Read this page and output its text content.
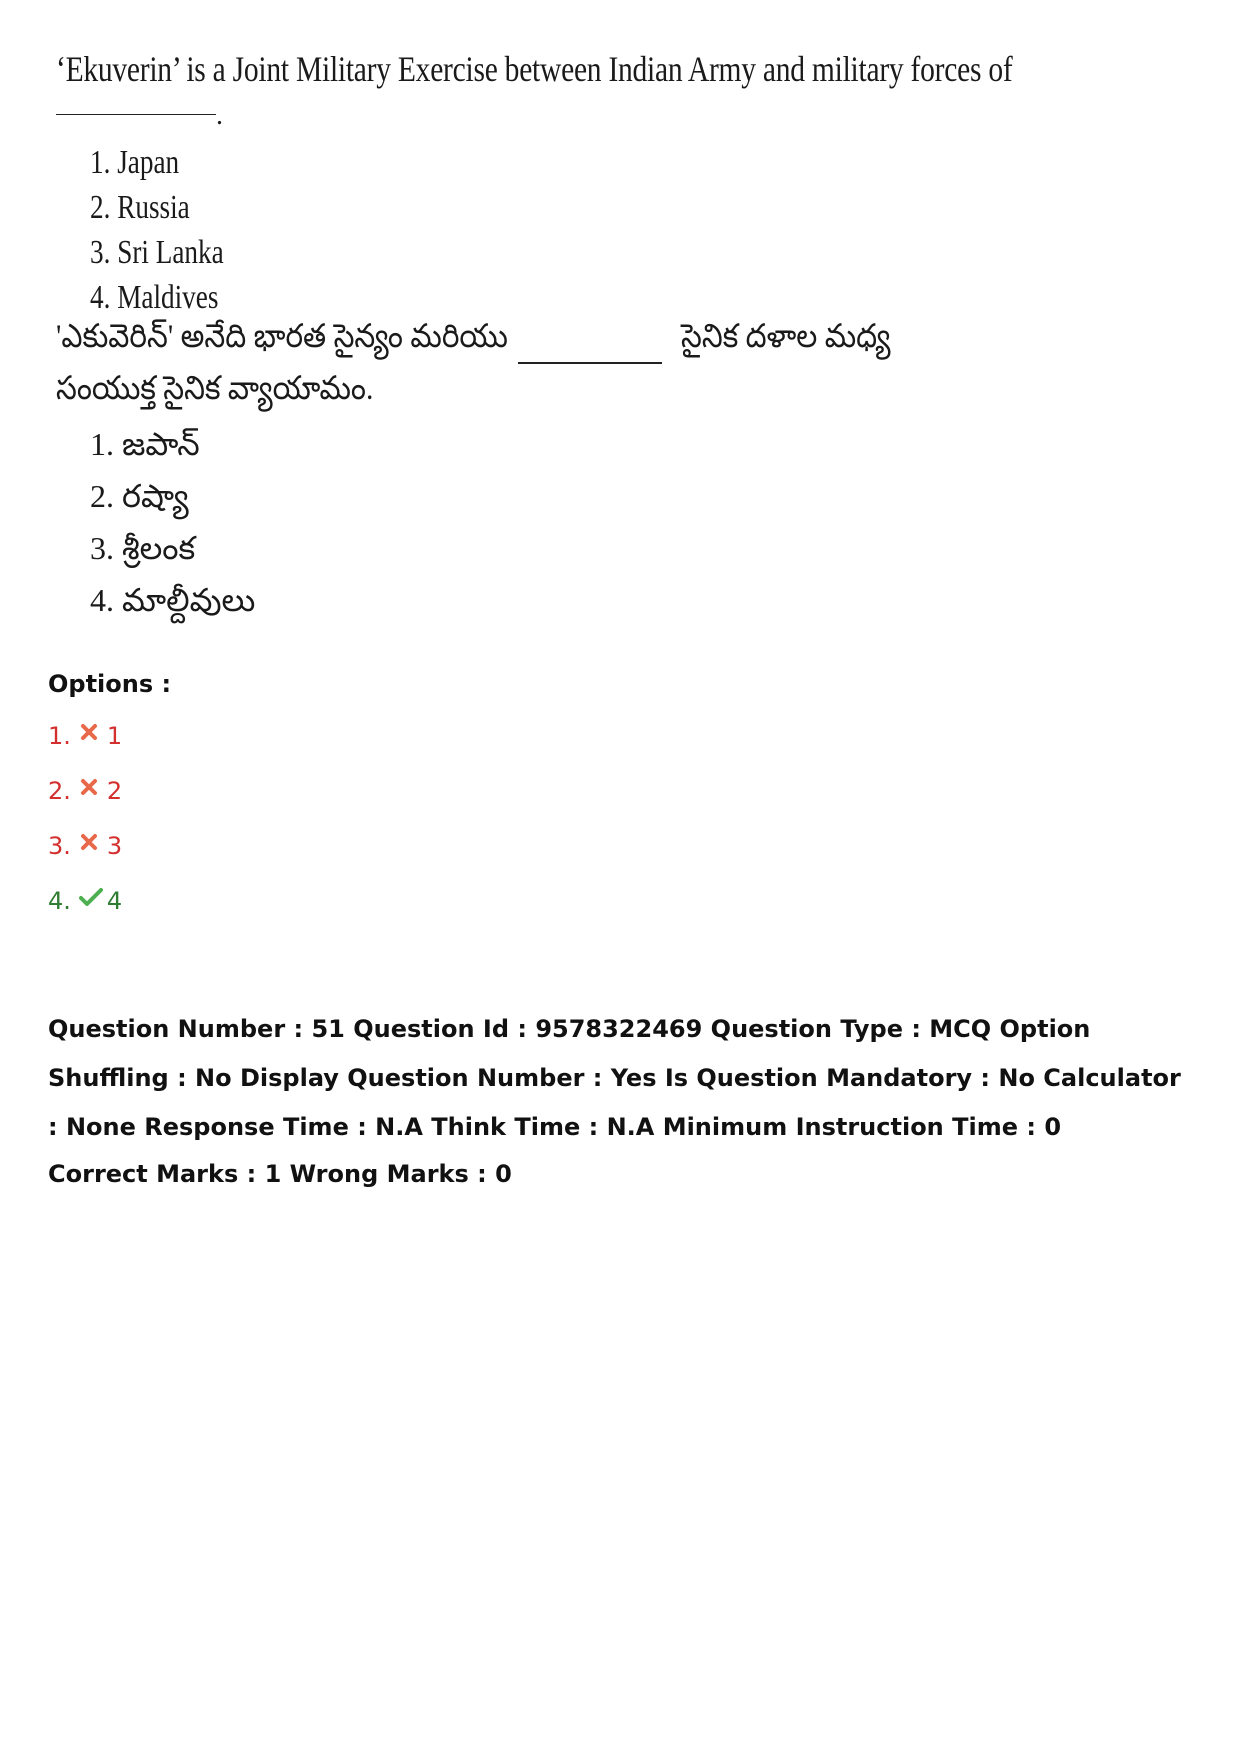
‘Ekuverin’ is a Joint Military Exercise between Indian Army and military forces of
.
1. Japan
2. Russia
3. Sri Lanka
4. Maldives
'ఎకువెరిన్' అనేది భారత సైన్యం మరియు	సైనిక దళాల మధ్య
సంయుక్త సైనిక వ్యాయామం.
1. జపాన్
2. రష్యా
3. శ్రీలంక
4. మాల్దీవులు
Options :
1. 1
2. 2
3. 3
4. 4
Question Number : 51 Question Id : 9578322469 Question Type : MCQ Option Shuffling : No Display Question Number : Yes Is Question Mandatory : No Calculator : None Response Time : N.A Think Time : N.A Minimum Instruction Time : 0
Correct Marks : 1 Wrong Marks : 0
